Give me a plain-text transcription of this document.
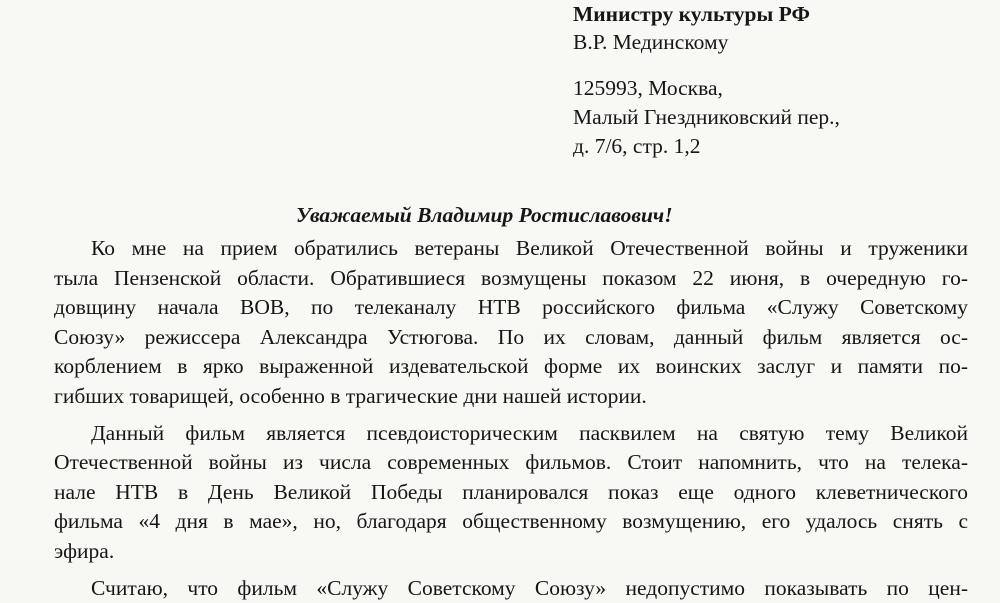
Министру культуры РФ
В.Р. Мединскому
125993, Москва,
Малый Гнездниковский пер.,
д. 7/6, стр. 1,2
Уважаемый Владимир Ростиславович!
Ко мне на прием обратились ветераны Великой Отечественной войны и труженики
тыла Пензенской области. Обратившиеся возмущены показом 22 июня, в очередную го-
довщину начала ВОВ, по телеканалу НТВ российского фильма «Служу Советскому
Союзу» режиссера Александра Устюгова. По их словам, данный фильм является ос-
корблением в ярко выраженной издевательской форме их воинских заслуг и памяти по-
гибших товарищей, особенно в трагические дни нашей истории.
Данный фильм является псевдоисторическим пасквилем на святую тему Великой
Отечественной войны из числа современных фильмов. Стоит напомнить, что на телека-
нале НТВ в День Великой Победы планировался показ еще одного клеветнического
фильма «4 дня в мае», но, благодаря общественному возмущению, его удалось снять с
эфира.
Считаю, что фильм «Служу Советскому Союзу» недопустимо показывать по цен-
